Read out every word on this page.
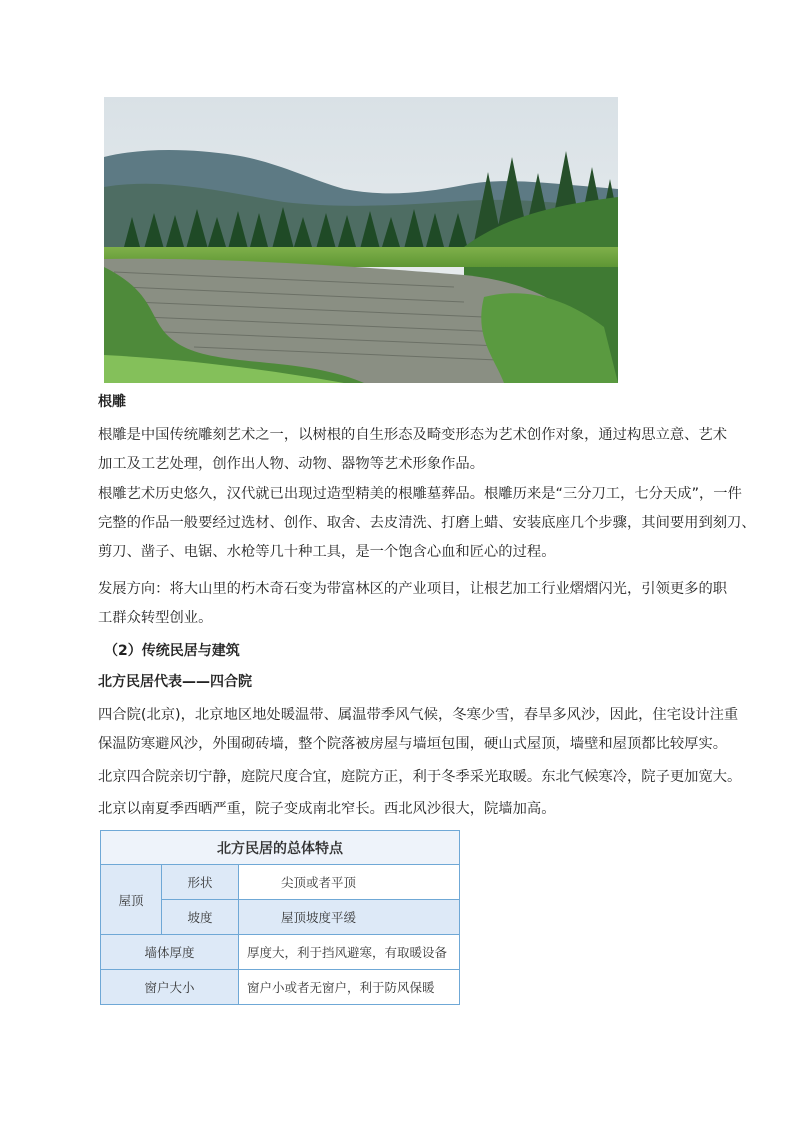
根雕
根雕是中国传统雕刻艺术之一，以树根的自生形态及畸变形态为艺术创作对象，通过构思立意、艺术
加工及工艺处理，创作出人物、动物、器物等艺术形象作品。
根雕艺术历史悠久，汉代就已出现过造型精美的根雕墓葬品。根雕历来是“三分刀工，七分天成”，一件
完整的作品一般要经过选材、创作、取舍、去皮清洗、打磨上蜡、安装底座几个步骤，其间要用到刻刀、
剪刀、凿子、电锯、水枪等几十种工具，是一个饱含心血和匠心的过程。
发展方向：将大山里的朽木奇石变为带富林区的产业项目，让根艺加工行业熠熠闪光，引领更多的职
工群众转型创业。
（2）传统民居与建筑
北方民居代表——四合院
四合院(北京)，北京地区地处暖温带、属温带季风气候，冬寒少雪，春旱多风沙，因此，住宅设计注重
保温防寒避风沙，外围砌砖墙，整个院落被房屋与墙垣包围，硬山式屋顶，墙壁和屋顶都比较厚实。
北京四合院亲切宁静，庭院尺度合宜，庭院方正，利于冬季采光取暖。东北气候寒冷，院子更加宽大。
北京以南夏季西晒严重，院子变成南北窄长。西北风沙很大，院墙加高。
北方民居的总体特点		
屋顶	形状	尖顶或者平顶
	坡度	屋顶坡度平缓
墙体厚度		厚度大，利于挡风避寒，有取暖设备
窗户大小		窗户小或者无窗户，利于防风保暖
